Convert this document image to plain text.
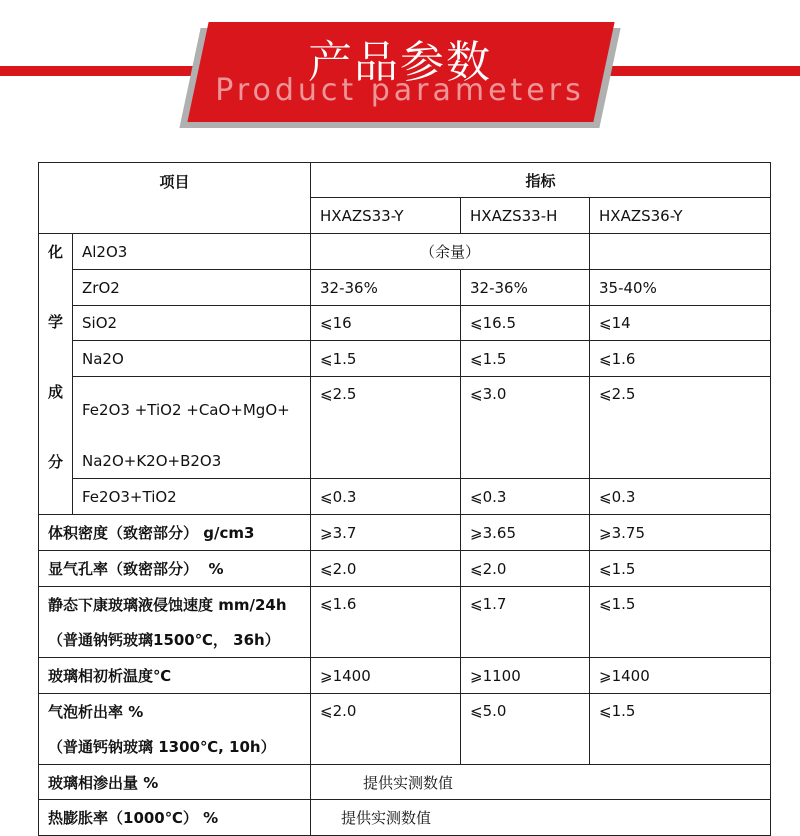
Product parameters
产品参数
项目		指标		
		HXAZS33-Y	HXAZS33-H	HXAZS36-Y

化
学
成
分	Al2O3	（余量）		
	ZrO2	32-36%	32-36%	35-40%
	SiO2	⩽16	⩽16.5	⩽14
	Na2O	⩽1.5	⩽1.5	⩽1.6
	Fe2O3 +TiO2 +CaO+MgO+	⩽2.5	⩽3.0	⩽2.5
	Na2O+K2O+B2O3			
	Fe2O3+TiO2	⩽0.3	⩽0.3	⩽0.3
体积密度（致密部分） g/cm3		⩾3.7	⩾3.65	⩾3.75
显气孔率（致密部分）  %		⩽2.0	⩽2.0	⩽1.5
静态下康玻璃液侵蚀速度 mm/24h		⩽1.6	⩽1.7	⩽1.5
（普通钠钙玻璃1500℃， 36h）				
玻璃相初析温度℃		⩾1400	⩾1100	⩾1400
气泡析出率 %		⩽2.0	⩽5.0	⩽1.5
（普通钙钠玻璃 1300℃, 10h）				
玻璃相渗出量 %		提供实测数值		
热膨胀率（1000℃） %		提供实测数值		
